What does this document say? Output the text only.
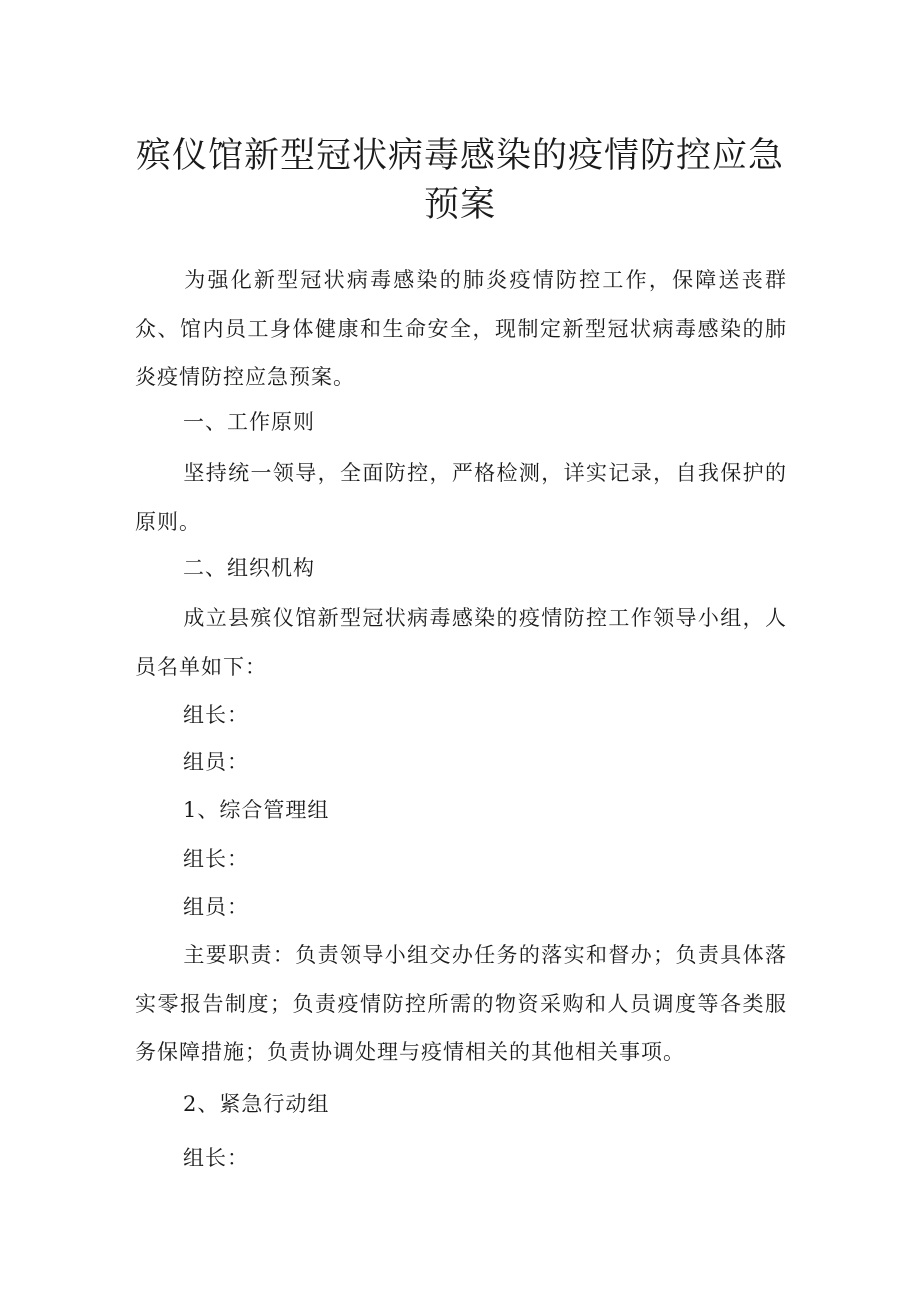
殡仪馆新型冠状病毒感染的疫情防控应急
预案

为强化新型冠状病毒感染的肺炎疫情防控工作，保障送丧群众、馆内员工身体健康和生命安全，现制定新型冠状病毒感染的肺炎疫情防控应急预案。

一、工作原则

坚持统一领导，全面防控，严格检测，详实记录，自我保护的原则。

二、组织机构

成立县殡仪馆新型冠状病毒感染的疫情防控工作领导小组，人员名单如下：

组长：

组员：

1、综合管理组

组长：

组员：

主要职责：负责领导小组交办任务的落实和督办；负责具体落实零报告制度；负责疫情防控所需的物资采购和人员调度等各类服务保障措施；负责协调处理与疫情相关的其他相关事项。

2、紧急行动组

组长：
